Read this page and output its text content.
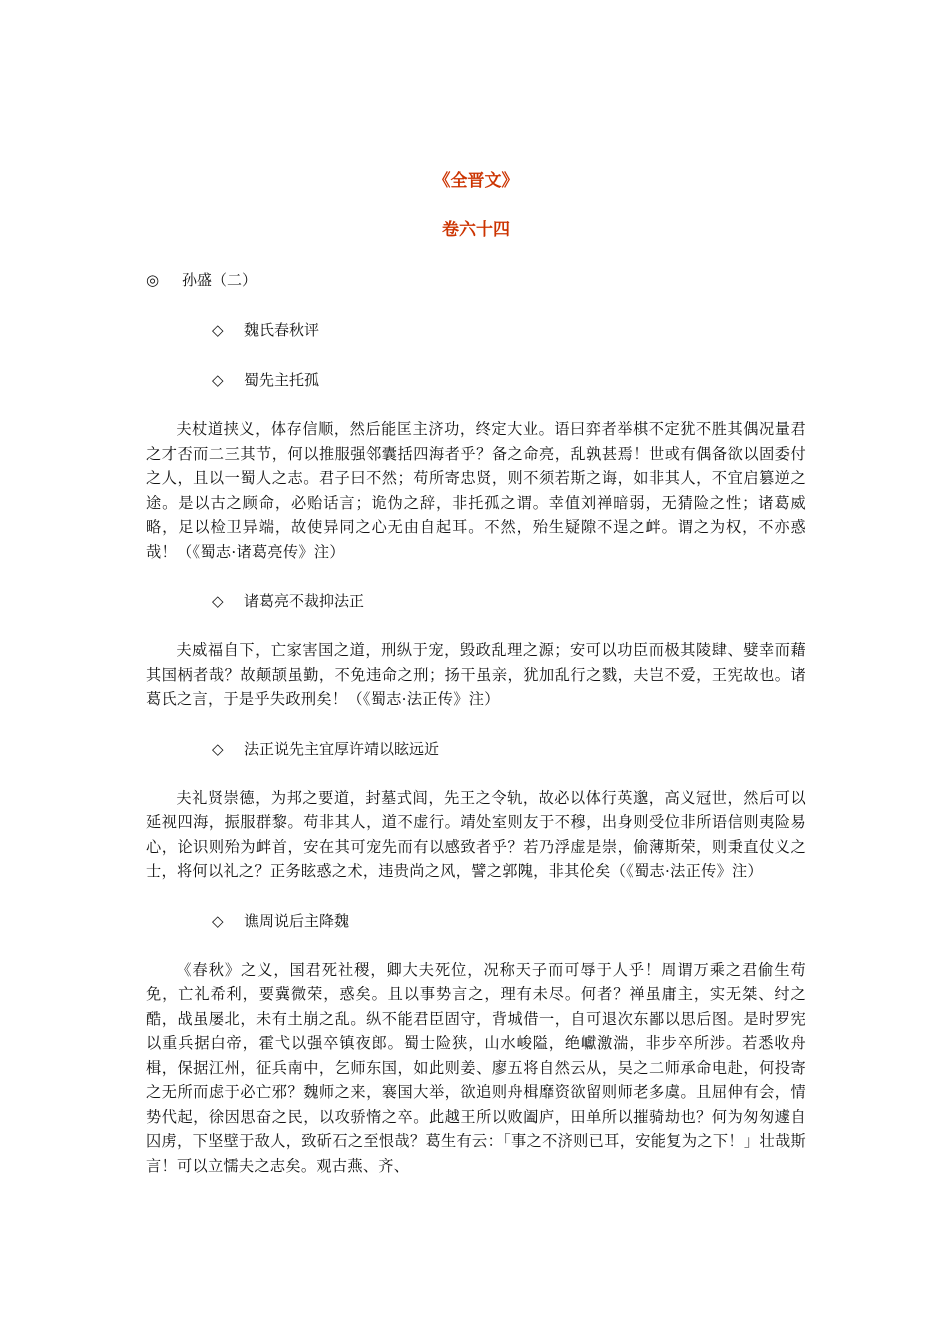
《全晋文》
卷六十四
◎ 孙盛（二）
◇ 魏氏春秋评
◇ 蜀先主托孤

夫杖道挟义，体存信顺，然后能匡主济功，终定大业。语曰弈者举棋不定犹不胜其偶况量君之才否而二三其节，何以推服强邻囊括四海者乎？备之命亮，乱孰甚焉！世或有偶备欲以固委付之人，且以一蜀人之志。君子曰不然；苟所寄忠贤，则不须若斯之诲，如非其人，不宜启篡逆之途。是以古之顾命，必贻话言；诡伪之辞，非托孤之谓。幸值刘禅暗弱，无猜险之性；诸葛威略，足以检卫异端，故使异同之心无由自起耳。不然，殆生疑隙不逞之衅。谓之为权，不亦惑哉！（《蜀志·诸葛亮传》注）

◇ 诸葛亮不裁抑法正

夫威福自下，亡家害国之道，刑纵于宠，毁政乱理之源；安可以功臣而极其陵肆、嬖幸而藉其国柄者哉？故颠颉虽勤，不免违命之刑；扬干虽亲，犹加乱行之戮，夫岂不爱，王宪故也。诸葛氏之言，于是乎失政刑矣！（《蜀志·法正传》注）

◇ 法正说先主宜厚许靖以眩远近

夫礼贤崇德，为邦之要道，封墓式闾，先王之令轨，故必以体行英邈，高义冠世，然后可以延视四海，振服群黎。苟非其人，道不虚行。靖处室则友于不穆，出身则受位非所语信则夷险易心，论识则殆为衅首，安在其可宠先而有以感致者乎？若乃浮虚是崇，偷薄斯荣，则秉直仗义之士，将何以礼之？正务眩惑之术，违贵尚之风，譬之郭隗，非其伦矣（《蜀志·法正传》注）

◇ 谯周说后主降魏

《春秋》之义，国君死社稷，卿大夫死位，况称天子而可辱于人乎！周谓万乘之君偷生苟免，亡礼希利，要冀微荣，惑矣。且以事势言之，理有未尽。何者？禅虽庸主，实无桀、纣之酷，战虽屡北，未有土崩之乱。纵不能君臣固守，背城借一，自可退次东鄙以思后图。是时罗宪以重兵据白帝，霍弋以强卒镇夜郎。蜀士险狭，山水峻隘，绝巘激湍，非步卒所涉。若悉收舟楫，保据江州，征兵南中，乞师东国，如此则姜、廖五将自然云从，吴之二师承命电赴，何投寄之无所而虑于必亡邪？魏师之来，褰国大举，欲追则舟楫靡资欲留则师老多虞。且屈伸有会，情势代起，徐因思奋之民，以攻骄惰之卒。此越王所以败阖庐，田单所以摧骑劫也？何为匆匆遽自囚虏，下坚壁于敌人，致斫石之至恨哉？葛生有云：「事之不济则已耳，安能复为之下！」壮哉斯言！可以立懦夫之志矣。观古燕、齐、
